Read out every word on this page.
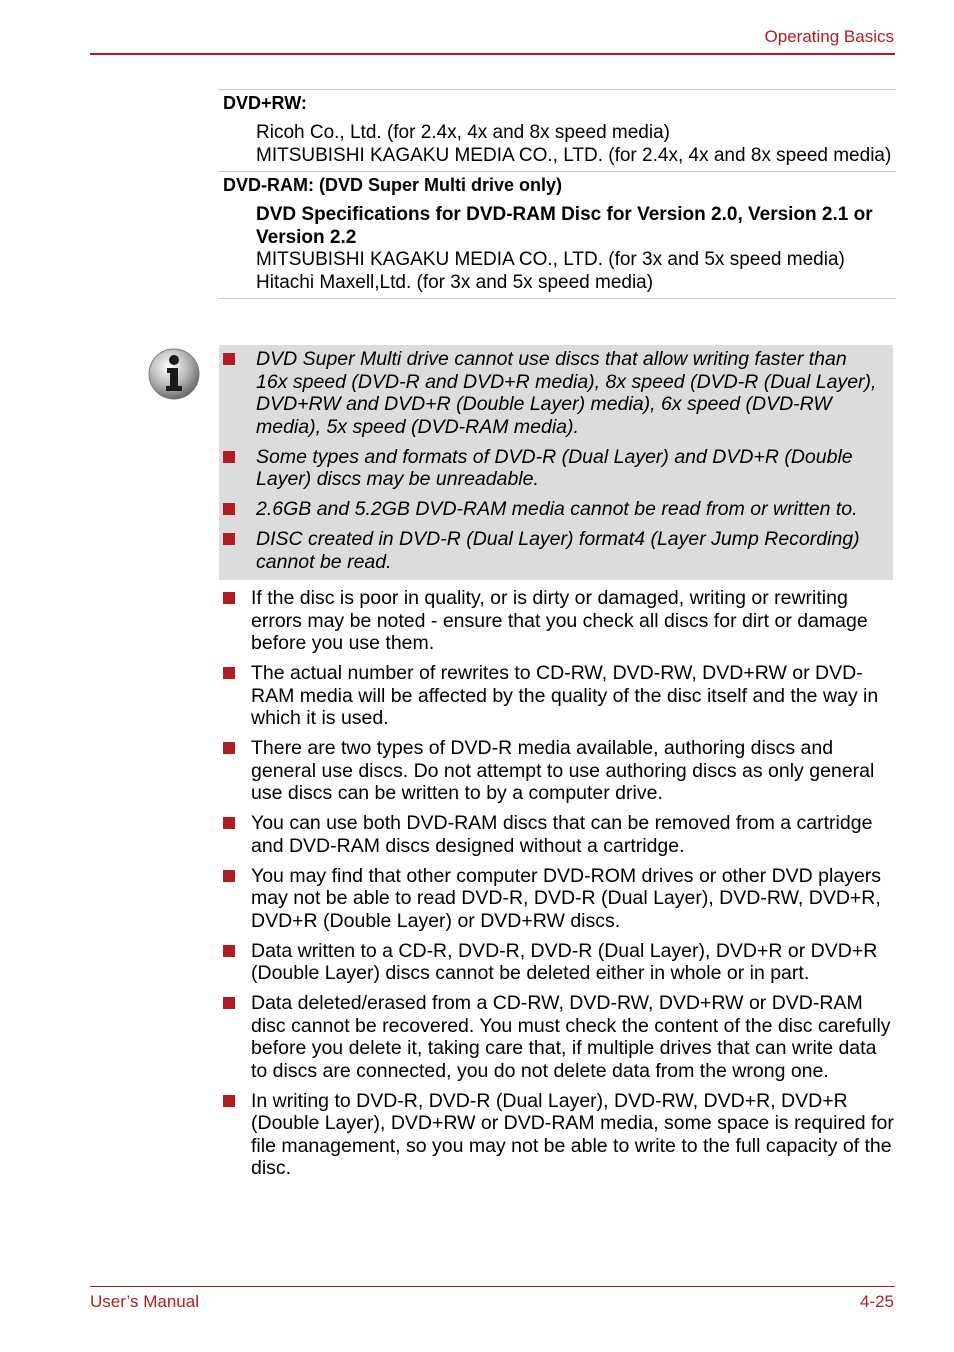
Operating Basics
DVD+RW:
Ricoh Co., Ltd. (for 2.4x, 4x and 8x speed media)
MITSUBISHI KAGAKU MEDIA CO., LTD. (for 2.4x, 4x and 8x speed media)
DVD-RAM: (DVD Super Multi drive only)
DVD Specifications for DVD-RAM Disc for Version 2.0, Version 2.1 or Version 2.2
MITSUBISHI KAGAKU MEDIA CO., LTD. (for 3x and 5x speed media)
Hitachi Maxell,Ltd. (for 3x and 5x speed media)
DVD Super Multi drive cannot use discs that allow writing faster than 16x speed (DVD-R and DVD+R media), 8x speed (DVD-R (Dual Layer), DVD+RW and DVD+R (Double Layer) media), 6x speed (DVD-RW media), 5x speed (DVD-RAM media).
Some types and formats of DVD-R (Dual Layer) and DVD+R (Double Layer) discs may be unreadable.
2.6GB and 5.2GB DVD-RAM media cannot be read from or written to.
DISC created in DVD-R (Dual Layer) format4 (Layer Jump Recording) cannot be read.
If the disc is poor in quality, or is dirty or damaged, writing or rewriting errors may be noted - ensure that you check all discs for dirt or damage before you use them.
The actual number of rewrites to CD-RW, DVD-RW, DVD+RW or DVD-RAM media will be affected by the quality of the disc itself and the way in which it is used.
There are two types of DVD-R media available, authoring discs and general use discs. Do not attempt to use authoring discs as only general use discs can be written to by a computer drive.
You can use both DVD-RAM discs that can be removed from a cartridge and DVD-RAM discs designed without a cartridge.
You may find that other computer DVD-ROM drives or other DVD players may not be able to read DVD-R, DVD-R (Dual Layer), DVD-RW, DVD+R, DVD+R (Double Layer) or DVD+RW discs.
Data written to a CD-R, DVD-R, DVD-R (Dual Layer), DVD+R or DVD+R (Double Layer) discs cannot be deleted either in whole or in part.
Data deleted/erased from a CD-RW, DVD-RW, DVD+RW or DVD-RAM disc cannot be recovered. You must check the content of the disc carefully before you delete it, taking care that, if multiple drives that can write data to discs are connected, you do not delete data from the wrong one.
In writing to DVD-R, DVD-R (Dual Layer), DVD-RW, DVD+R, DVD+R (Double Layer), DVD+RW or DVD-RAM media, some space is required for file management, so you may not be able to write to the full capacity of the disc.
User’s Manual	4-25
